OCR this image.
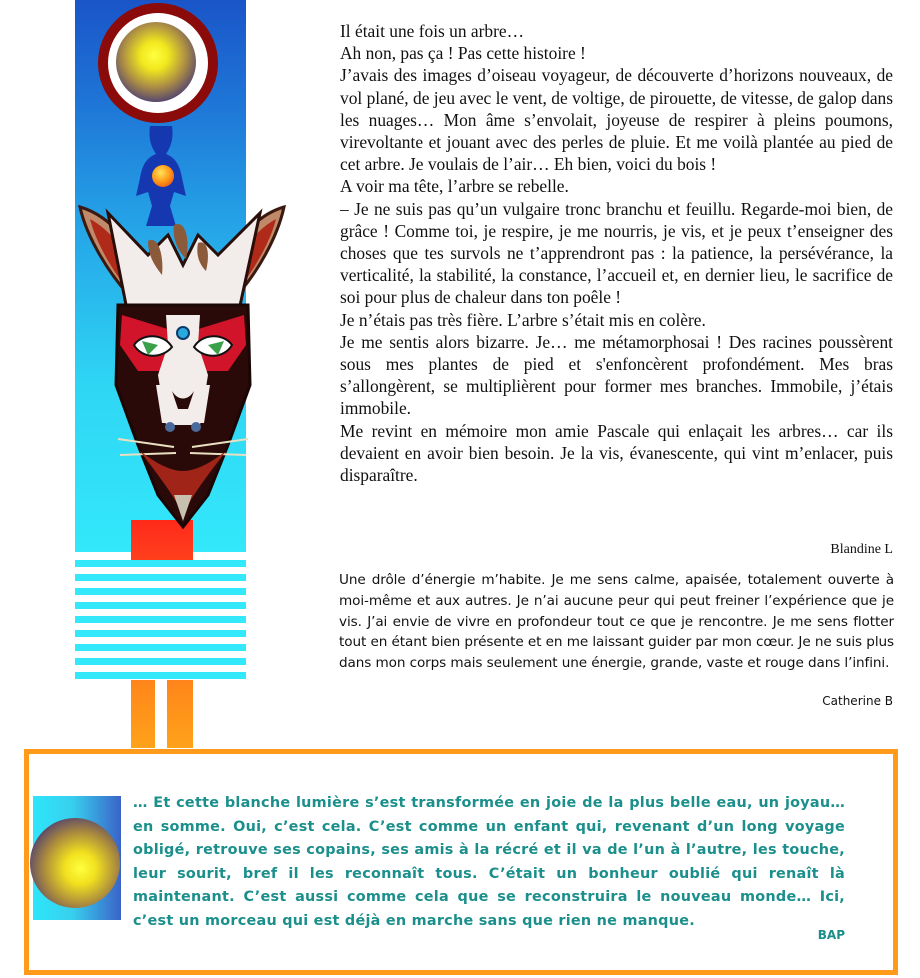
Il était une fois un arbre…

Ah non, pas ça ! Pas cette histoire !

J’avais des images d’oiseau voyageur, de découverte d’horizons nouveaux, de vol plané, de jeu avec le vent, de voltige, de pirouette, de vitesse, de galop dans les nuages… Mon âme s’envolait, joyeuse de respirer à pleins poumons, virevoltante et jouant avec des perles de pluie. Et me voilà plantée au pied de cet arbre. Je voulais de l’air… Eh bien, voici du bois !

A voir ma tête, l’arbre se rebelle.

– Je ne suis pas qu’un vulgaire tronc branchu et feuillu. Regarde-moi bien, de grâce ! Comme toi, je respire, je me nourris, je vis, et je peux t’enseigner des choses que tes survols ne t’apprendront pas : la patience, la persévérance, la verticalité, la stabilité, la constance, l’accueil et, en dernier lieu, le sacrifice de soi pour plus de chaleur dans ton poêle !

Je n’étais pas très fière. L’arbre s’était mis en colère.

Je me sentis alors bizarre. Je… me métamorphosai ! Des racines poussèrent sous mes plantes de pied et s'enfoncèrent profondément. Mes bras s’allongèrent, se multiplièrent pour former mes branches. Immobile, j’étais immobile.

Me revint en mémoire mon amie Pascale qui enlaçait les arbres… car ils devaient en avoir bien besoin. Je la vis, évanescente, qui vint m’enlacer, puis disparaître.

Blandine L
Une drôle d’énergie m’habite. Je me sens calme, apaisée, totalement ouverte à moi-même et aux autres. Je n’ai aucune peur qui peut freiner l’expérience que je vis. J’ai envie de vivre en profondeur tout ce que je rencontre. Je me sens flotter tout en étant bien présente et en me laissant guider par mon cœur. Je ne suis plus dans mon corps mais seulement une énergie, grande, vaste et rouge dans l’infini.
Catherine B
… Et cette blanche lumière s’est transformée en joie de la plus belle eau, un joyau… en somme. Oui, c’est cela. C’est comme un enfant qui, revenant d’un long voyage obligé, retrouve ses copains, ses amis à la récré et il va de l’un à l’autre, les touche, leur sourit, bref il les reconnaît tous. C’était un bonheur oublié qui renaît là maintenant. C’est aussi comme cela que se reconstruira le nouveau monde… Ici, c’est un morceau qui est déjà en marche sans que rien ne manque.
BAP
